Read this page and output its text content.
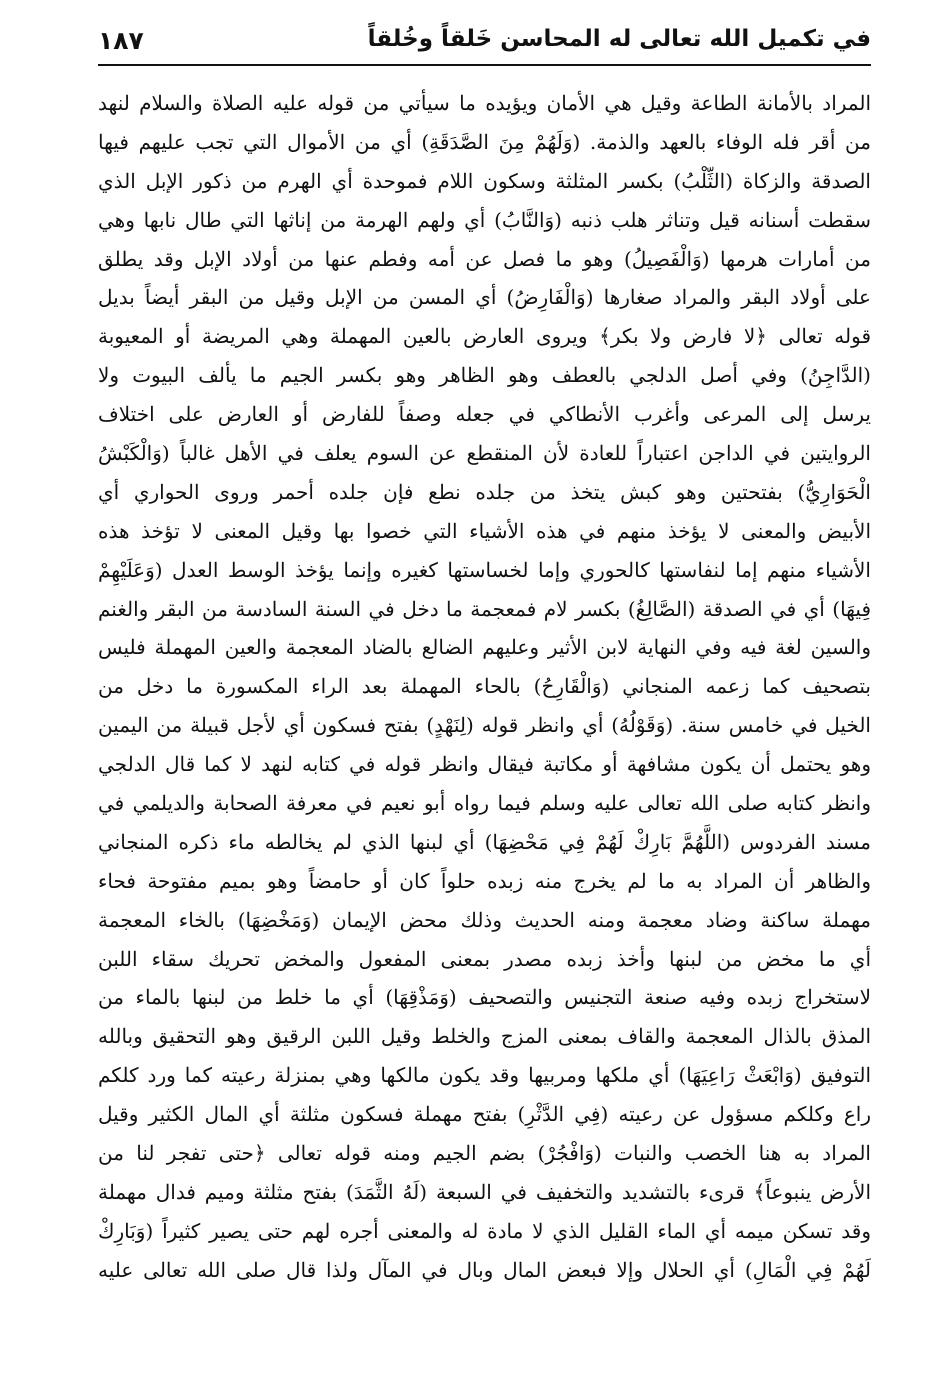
في تكميل الله تعالى له المحاسن خَلقاً وخُلقاً
١٨٧
المراد بالأمانة الطاعة وقيل هي الأمان ويؤيده ما سيأتي من قوله عليه الصلاة والسلام لنهد
من أقر فله الوفاء بالعهد والذمة. (وَلَهُمْ مِنَ الصَّدَقَةِ) أي من الأموال التي تجب عليهم فيها
الصدقة والزكاة (الثِّلْبُ) بكسر المثلثة وسكون اللام فموحدة أي الهرم من ذكور الإبل الذي
سقطت أسنانه قيل وتناثر هلب ذنبه (وَالنَّابُ) أي ولهم الهرمة من إناثها التي طال نابها وهي
من أمارات هرمها (وَالْفَصِيلُ) وهو ما فصل عن أمه وفطم عنها من أولاد الإبل وقد يطلق
على أولاد البقر والمراد صغارها (وَالْفَارِضُ) أي المسن من الإبل وقيل من البقر أيضاً بديل
قوله تعالى ﴿لا فارض ولا بكر﴾ ويروى العارض بالعين المهملة وهي المريضة أو المعيوبة
(الدَّاجِنُ) وفي أصل الدلجي بالعطف وهو الظاهر وهو بكسر الجيم ما يألف البيوت ولا
يرسل إلى المرعى وأغرب الأنطاكي في جعله وصفاً للفارض أو العارض على اختلاف
الروايتين في الداجن اعتباراً للعادة لأن المنقطع عن السوم يعلف في الأهل غالباً (وَالْكَبْشُ
الْحَوَارِيُّ) بفتحتين وهو كبش يتخذ من جلده نطع فإن جلده أحمر وروى الحواري أي
الأبيض والمعنى لا يؤخذ منهم في هذه الأشياء التي خصوا بها وقيل المعنى لا تؤخذ هذه
الأشياء منهم إما لنفاستها كالحوري وإما لخساستها كغيره وإنما يؤخذ الوسط العدل (وَعَلَيْهِمْ
فِيهَا) أي في الصدقة (الصَّالِغُ) بكسر لام فمعجمة ما دخل في السنة السادسة من البقر والغنم
والسين لغة فيه وفي النهاية لابن الأثير وعليهم الضالع بالضاد المعجمة والعين المهملة فليس
بتصحيف كما زعمه المنجاني (وَالْقَارِحُ) بالحاء المهملة بعد الراء المكسورة ما دخل من
الخيل في خامس سنة. (وَقَوْلُهُ) أي وانظر قوله (لِنَهْدٍ) بفتح فسكون أي لأجل قبيلة من اليمين
وهو يحتمل أن يكون مشافهة أو مكاتبة فيقال وانظر قوله في كتابه لنهد لا كما قال الدلجي
وانظر كتابه صلى الله تعالى عليه وسلم فيما رواه أبو نعيم في معرفة الصحابة والديلمي في
مسند الفردوس (اللَّهُمَّ بَارِكْ لَهُمْ فِي مَحْضِهَا) أي لبنها الذي لم يخالطه ماء ذكره المنجاني
والظاهر أن المراد به ما لم يخرج منه زبده حلواً كان أو حامضاً وهو بميم مفتوحة فحاء
مهملة ساكنة وضاد معجمة ومنه الحديث وذلك محض الإيمان (وَمَخْضِهَا) بالخاء المعجمة
أي ما مخض من لبنها وأخذ زبده مصدر بمعنى المفعول والمخض تحريك سقاء اللبن
لاستخراج زبده وفيه صنعة التجنيس والتصحيف (وَمَذْقِهَا) أي ما خلط من لبنها بالماء من
المذق بالذال المعجمة والقاف بمعنى المزج والخلط وقيل اللبن الرقيق وهو التحقيق وبالله
التوفيق (وَابْعَثْ رَاعِيَهَا) أي ملكها ومربيها وقد يكون مالكها وهي بمنزلة رعيته كما ورد كلكم
راع وكلكم مسؤول عن رعيته (فِي الدَّثْرِ) بفتح مهملة فسكون مثلثة أي المال الكثير وقيل
المراد به هنا الخصب والنبات (وَافْجُرْ) بضم الجيم ومنه قوله تعالى ﴿حتى تفجر لنا من
الأرض ينبوعاً﴾ قرىء بالتشديد والتخفيف في السبعة (لَهُ الثَّمَدَ) بفتح مثلثة وميم فدال مهملة
وقد تسكن ميمه أي الماء القليل الذي لا مادة له والمعنى أجره لهم حتى يصير كثيراً (وَبَارِكْ
لَهُمْ فِي الْمَالِ) أي الحلال وإلا فبعض المال وبال في المآل ولذا قال صلى الله تعالى عليه
